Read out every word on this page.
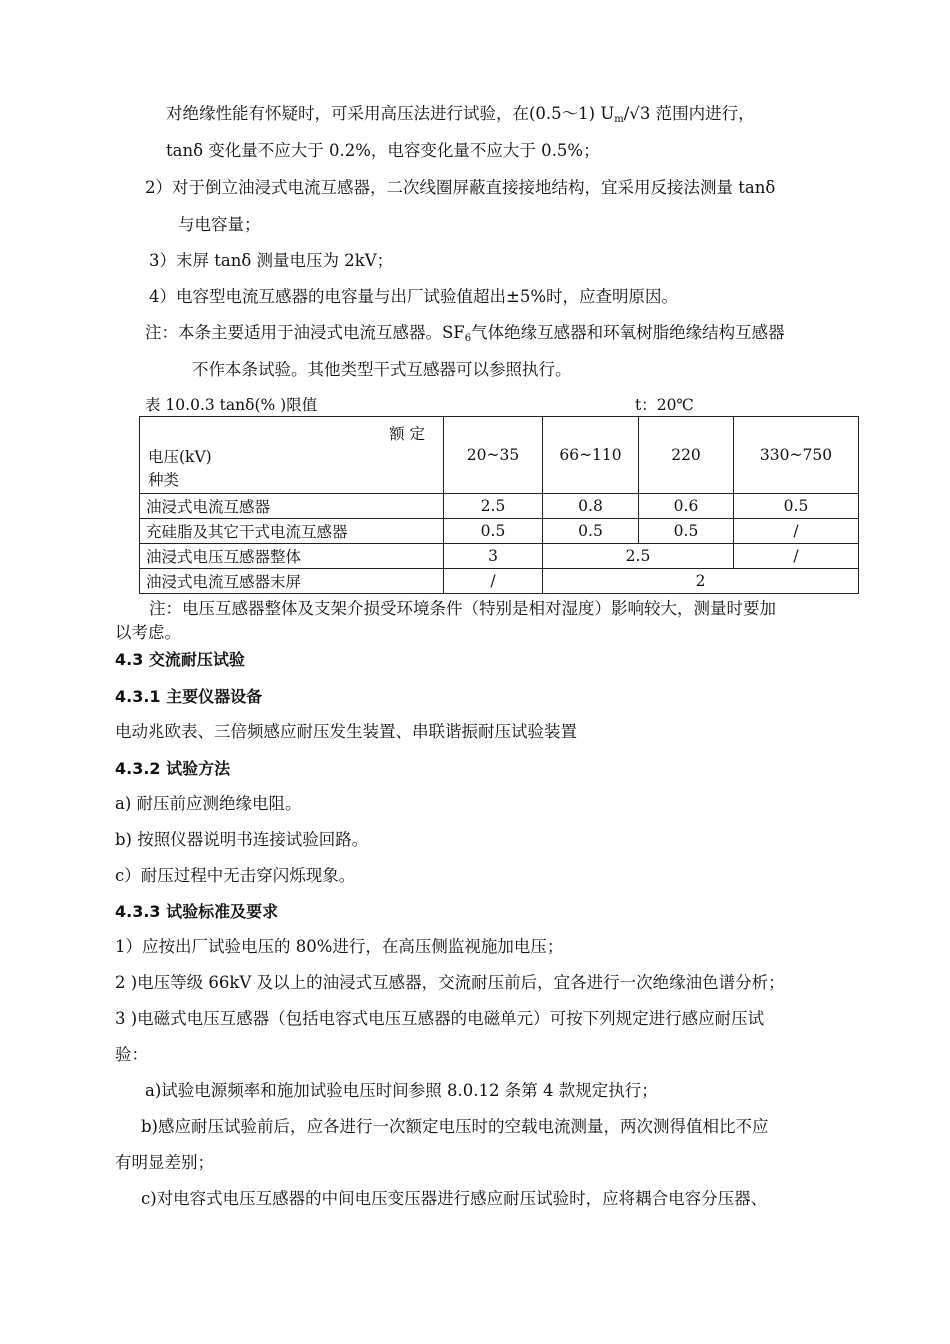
对绝缘性能有怀疑时，可采用高压法进行试验，在(0.5～1) $U_m/√3$ 范围内进行，
tanδ 变化量不应大于 0.2%，电容变化量不应大于 0.5%；
2）对于倒立油浸式电流互感器，二次线圈屏蔽直接接地结构，宜采用反接法测量 tanδ
与电容量；
3）末屏 tanδ 测量电压为 2kV；
4）电容型电流互感器的电容量与出厂试验值超出±5%时，应查明原因。
注：本条主要适用于油浸式电流互感器。$SF_6$气体绝缘互感器和环氧树脂绝缘结构互感器
不作本条试验。其他类型干式互感器可以参照执行。
表 10.0.3 tanδ(% )限值	t：20℃
额 定
电压(kV)
种类	20~35	66~110	220	330~750
油浸式电流互感器	2.5	0.8	0.6	0.5
充硅脂及其它干式电流互感器	0.5	0.5	0.5	/
油浸式电压互感器整体	3	2.5		/
油浸式电流互感器末屏	/	2		
注：电压互感器整体及支架介损受环境条件（特别是相对湿度）影响较大，测量时要加
以考虑。
4.3 交流耐压试验
4.3.1 主要仪器设备
电动兆欧表、三倍频感应耐压发生装置、串联谐振耐压试验装置
4.3.2 试验方法
a) 耐压前应测绝缘电阻。
b) 按照仪器说明书连接试验回路。
c）耐压过程中无击穿闪烁现象。
4.3.3 试验标准及要求
1）应按出厂试验电压的 80%进行，在高压侧监视施加电压；
2 )电压等级 66kV 及以上的油浸式互感器，交流耐压前后，宜各进行一次绝缘油色谱分析；
3 )电磁式电压互感器（包括电容式电压互感器的电磁单元）可按下列规定进行感应耐压试
验：
a)试验电源频率和施加试验电压时间参照 8.0.12 条第 4 款规定执行；
b)感应耐压试验前后，应各进行一次额定电压时的空载电流测量，两次测得值相比不应
有明显差别；
c)对电容式电压互感器的中间电压变压器进行感应耐压试验时，应将耦合电容分压器、
